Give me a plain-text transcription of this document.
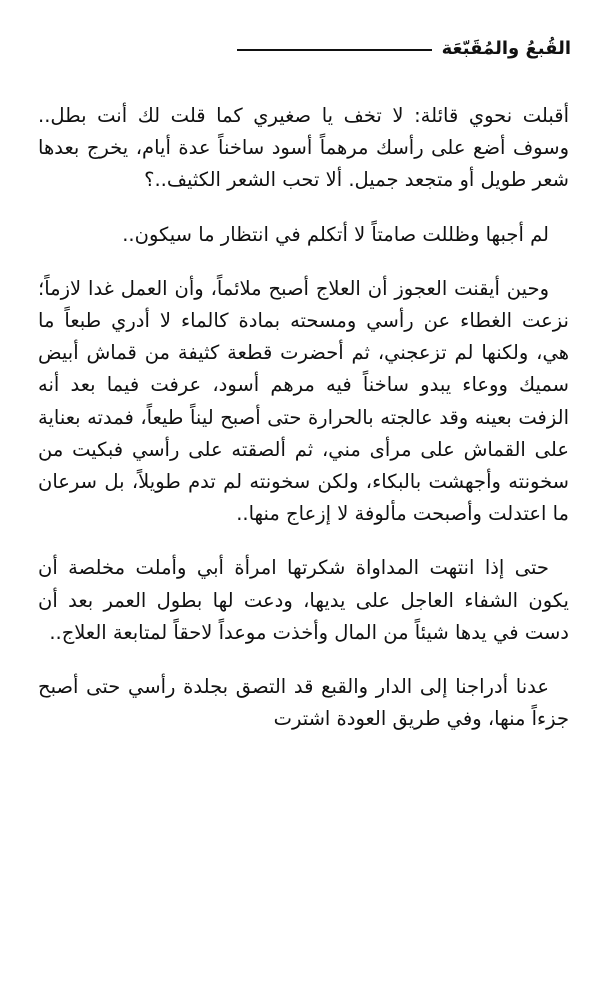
القُبعُ والمُقَبّعَة

أقبلت نحوي قائلة: لا تخف يا صغيري كما قلت لك أنت بطل.. وسوف أضع على رأسك مرهماً أسود ساخناً عدة أيام، يخرج بعدها شعر طويل أو متجعد جميل. ألا تحب الشعر الكثيف..؟

لم أجبها وظللت صامتاً لا أتكلم في انتظار ما سيكون..

وحين أيقنت العجوز أن العلاج أصبح ملائماً، وأن العمل غدا لازماً؛ نزعت الغطاء عن رأسي ومسحته بمادة كالماء لا أدري طبعاً ما هي، ولكنها لم تزعجني، ثم أحضرت قطعة كثيفة من قماش أبيض سميك ووعاء يبدو ساخناً فيه مرهم أسود، عرفت فيما بعد أنه الزفت بعينه وقد عالجته بالحرارة حتى أصبح ليناً طيعاً، فمدته بعناية على القماش على مرأى مني، ثم ألصقته على رأسي فبكيت من سخونته وأجهشت بالبكاء، ولكن سخونته لم تدم طويلاً، بل سرعان ما اعتدلت وأصبحت مألوفة لا إزعاج منها..

حتى إذا انتهت المداواة شكرتها امرأة أبي وأملت مخلصة أن يكون الشفاء العاجل على يديها، ودعت لها بطول العمر بعد أن دست في يدها شيئاً من المال وأخذت موعداً لاحقاً لمتابعة العلاج..

عدنا أدراجنا إلى الدار والقبع قد التصق بجلدة رأسي حتى أصبح جزءاً منها، وفي طريق العودة اشترت
